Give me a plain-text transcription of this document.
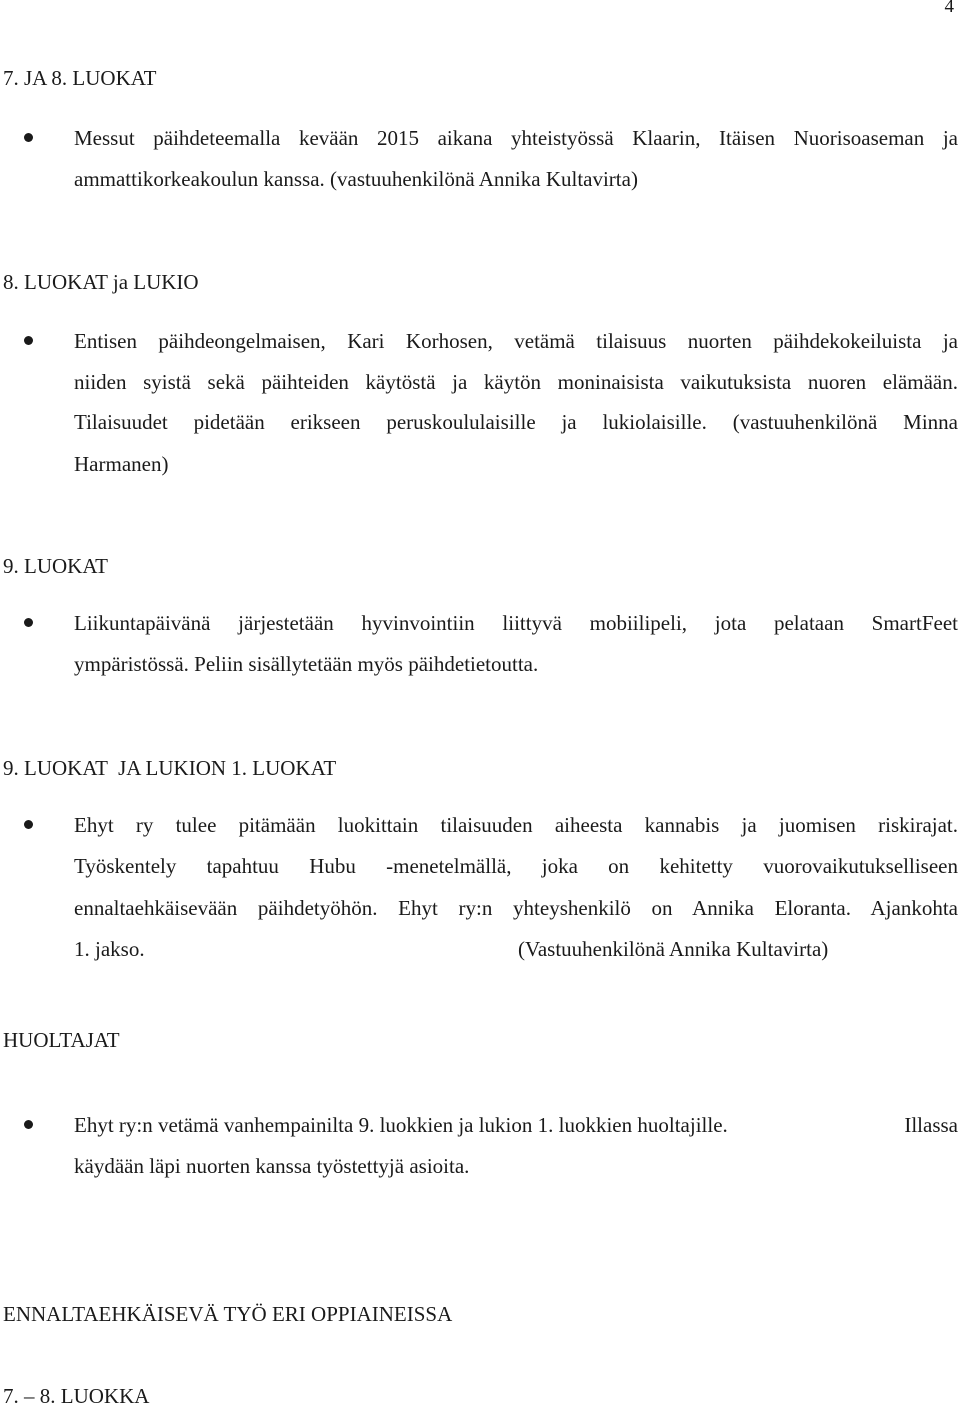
4
7. JA 8. LUOKAT
Messut päihdeteemalla kevään 2015 aikana yhteistyössä Klaarin, Itäisen Nuorisoaseman ja
ammattikorkeakoulun kanssa. (vastuuhenkilönä Annika Kultavirta)
8. LUOKAT ja LUKIO
Entisen päihdeongelmaisen, Kari Korhosen, vetämä tilaisuus nuorten päihdekokeiluista ja
niiden syistä sekä päihteiden käytöstä ja käytön moninaisista vaikutuksista nuoren elämään.
Tilaisuudet pidetään erikseen peruskoululaisille ja lukiolaisille. (vastuuhenkilönä Minna
Harmanen)
9. LUOKAT
Liikuntapäivänä järjestetään hyvinvointiin liittyvä mobiilipeli, jota pelataan SmartFeet
ympäristössä. Peliin sisällytetään myös päihdetietoutta.
9. LUOKAT  JA LUKION 1. LUOKAT
Ehyt ry tulee pitämään luokittain tilaisuuden aiheesta kannabis ja juomisen riskirajat.
Työskentely tapahtuu Hubu -menetelmällä, joka on kehitetty vuorovaikutukselliseen
ennaltaehkäisevään päihdetyöhön. Ehyt ry:n yhteyshenkilö on Annika Eloranta. Ajankohta
1. jakso.	(Vastuuhenkilönä Annika Kultavirta)
HUOLTAJAT
Ehyt ry:n vetämä vanhempainilta 9. luokkien ja lukion 1. luokkien huoltajille.	Illassa
käydään läpi nuorten kanssa työstettyjä asioita.
ENNALTAEHKÄISEVÄ TYÖ ERI OPPIAINEISSA
7. – 8. LUOKKA
